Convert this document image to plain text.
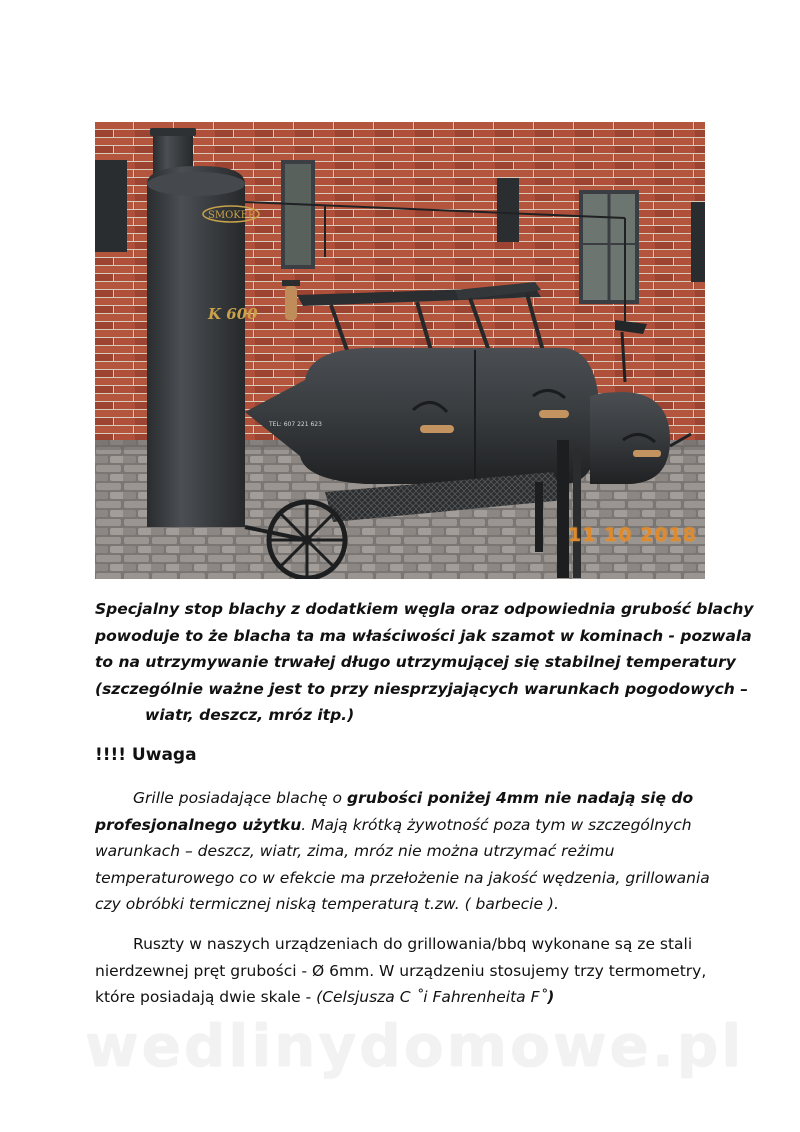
SMOKER
K 600
TEL: 607 221 623
11 10 2018
Specjalny stop blachy z dodatkiem węgla oraz odpowiednia grubość blachy
powoduje to że blacha ta ma właściwości jak szamot w kominach - pozwala
to na utrzymywanie trwałej długo utrzymującej się stabilnej temperatury
(szczególnie ważne jest to przy niesprzyjających warunkach pogodowych –
wiatr, deszcz, mróz itp.)
!!!! Uwaga
Grille posiadające blachę o grubości poniżej 4mm nie nadają się do
profesjonalnego użytku. Mają krótką żywotność poza tym w szczególnych
warunkach – deszcz, wiatr, zima, mróz nie można utrzymać reżimu
temperaturowego co w efekcie ma przełożenie na jakość wędzenia, grillowania
czy obróbki termicznej niską temperaturą t.zw. ( barbecie ).
Ruszty w naszych urządzeniach do grillowania/bbq wykonane są ze stali
nierdzewnej pręt grubości - Ø 6mm. W urządzeniu stosujemy trzy termometry,
które posiadają dwie skale - (Celsjusza C ˚i Fahrenheita F˚)
wedlinydomowe.pl
